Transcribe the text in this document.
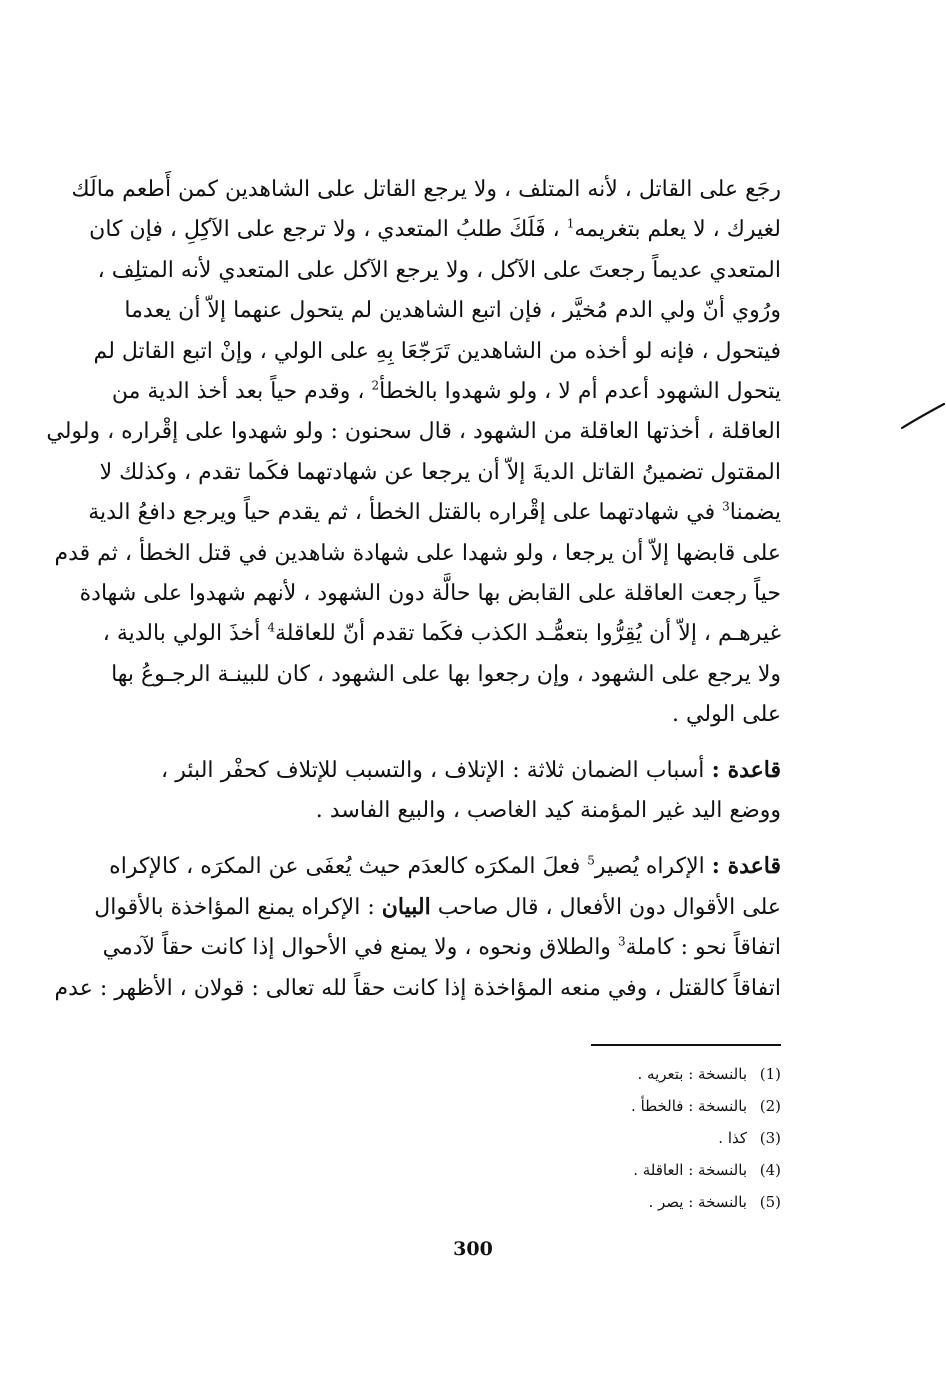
رجَع على القاتل ، لأنه المتلف ، ولا يرجع القاتل على الشاهدين كمن أَطعم مالَك
لغيرك ، لا يعلم بتغريمه$^1$ ، فَلَكَ طلبُ المتعدي ، ولا ترجع على الآكِلِ ، فإن كان
المتعدي عديماً رجعتَ على الآكل ، ولا يرجع الآكل على المتعدي لأنه المتلِف ،
ورُوي أنّ ولي الدم مُخيَّر ، فإن اتبع الشاهدين لم يتحول عنهما إلاّ أن يعدما
فيتحول ، فإنه لو أخذه من الشاهدين تَرَجّعَا بِهِ على الولي ، وإنْ اتبع القاتل لم
يتحول الشهود أعدم أم لا ، ولو شهدوا بالخطأ$^2$ ، وقدم حياً بعد أخذ الدية من
العاقلة ، أخذتها العاقلة من الشهود ، قال سحنون : ولو شهدوا على إقْراره ، ولولي
المقتول تضمينُ القاتل الديةَ إلاّ أن يرجعا عن شهادتهما فكَما تقدم ، وكذلك لا
يضمنا$^3$ في شهادتهما على إقْراره بالقتل الخطأ ، ثم يقدم حياً ويرجع دافعُ الدية
على قابضها إلاّ أن يرجعا ، ولو شهدا على شهادة شاهدين في قتل الخطأ ، ثم قدم
حياً رجعت العاقلة على القابض بها حالَّة دون الشهود ، لأنهم شهدوا على شهادة
غيرهـم ، إلاّ أن يُقِرُّوا بتعمُّـد الكذب فكَما تقدم أنّ للعاقلة$^4$ أخذَ الولي بالدية ،
ولا يرجع على الشهود ، وإن رجعوا بها على الشهود ، كان للبينـة الرجـوعُ بها
على الولي .
قاعدة : أسباب الضمان ثلاثة : الإتلاف ، والتسبب للإتلاف كحفْر البئر ،
ووضع اليد غير المؤمنة كيد الغاصب ، والبيع الفاسد .
قاعدة : الإكراه يُصير$^5$ فعلَ المكرَه كالعدَم حيث يُعفَى عن المكرَه ، كالإكراه
على الأقوال دون الأفعال ، قال صاحب البيان : الإكراه يمنع المؤاخذة بالأقوال
اتفاقاً نحو : كاملة$^3$ والطلاق ونحوه ، ولا يمنع في الأحوال إذا كانت حقاً لآدمي
اتفاقاً كالقتل ، وفي منعه المؤاخذة إذا كانت حقاً لله تعالى : قولان ، الأظهر : عدم
(1)بالنسخة : بتعريه .
(2)بالنسخة : فالخطأ .
(3)كذا .
(4)بالنسخة : العاقلة .
(5)بالنسخة : يصر .
300
